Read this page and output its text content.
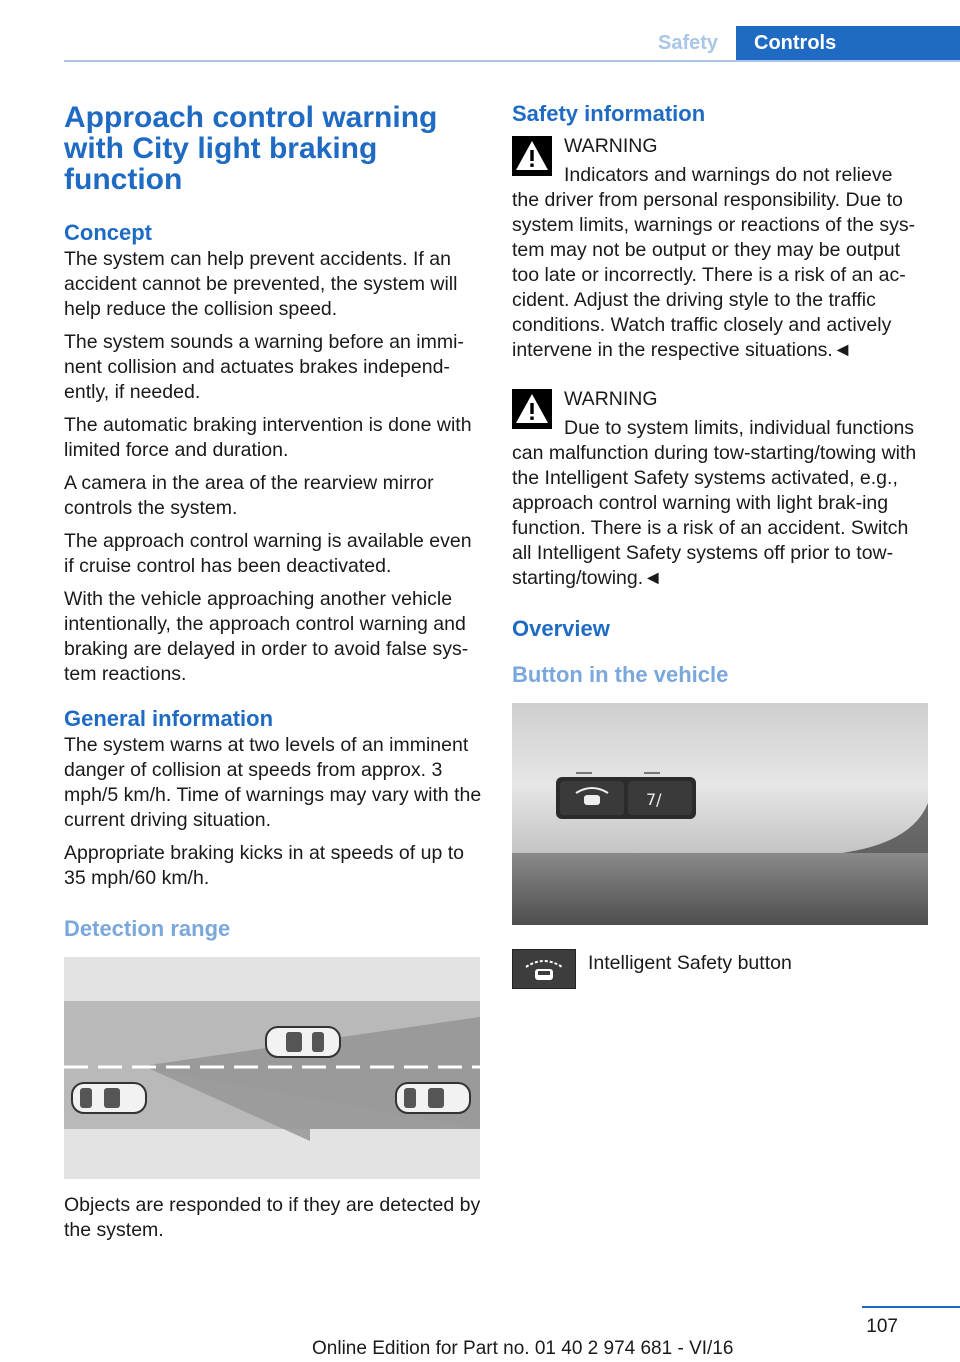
Safety	Controls
Approach control warning with City light braking function
Concept

The system can help prevent accidents. If an accident cannot be prevented, the system will help reduce the collision speed.

The system sounds a warning before an immi‐nent collision and actuates brakes independ‐ently, if needed.

The automatic braking intervention is done with limited force and duration.

A camera in the area of the rearview mirror controls the system.

The approach control warning is available even if cruise control has been deactivated.

With the vehicle approaching another vehicle intentionally, the approach control warning and braking are delayed in order to avoid false sys‐tem reactions.

General information

The system warns at two levels of an imminent danger of collision at speeds from approx. 3 mph/5 km/h. Time of warnings may vary with the current driving situation.

Appropriate braking kicks in at speeds of up to 35 mph/60 km/h.

Detection range

Objects are responded to if they are detected by the system.

Safety information
WARNING

Indicators and warnings do not relieve
the driver from personal responsibility. Due to system limits, warnings or reactions of the sys‐tem may not be output or they may be output too late or incorrectly. There is a risk of an ac‐cident. Adjust the driving style to the traffic conditions. Watch traffic closely and actively intervene in the respective situations.◄

WARNING

Due to system limits, individual functions
can malfunction during tow-starting/towing with the Intelligent Safety systems activated, e.g., approach control warning with light brak‐ing function. There is a risk of an accident. Switch all Intelligent Safety systems off prior to tow-starting/towing.◄

Overview
Button in the vehicle
7/
Intelligent Safety button
107
Online Edition for Part no. 01 40 2 974 681 - VI/16
